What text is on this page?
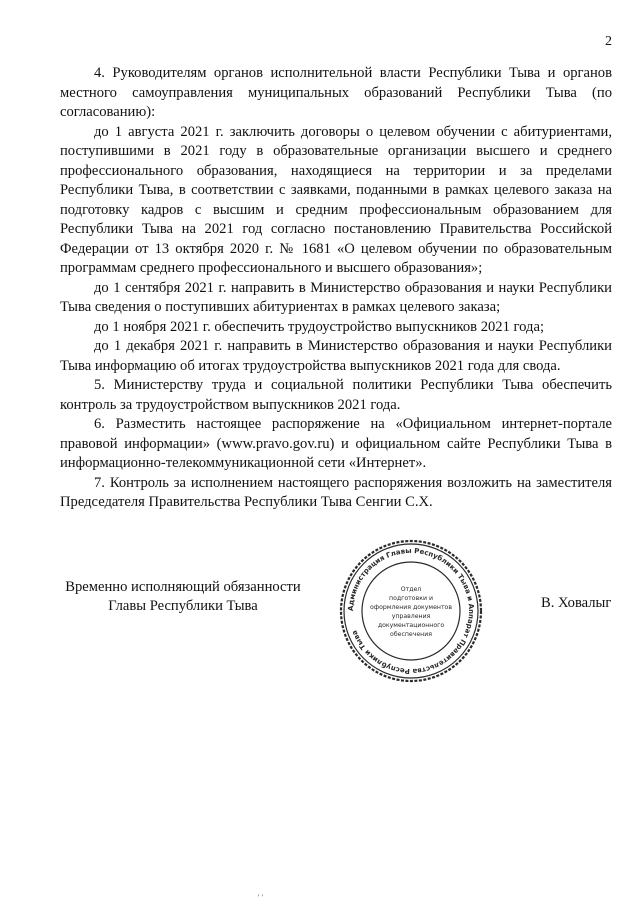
2

4. Руководителям органов исполнительной власти Республики Тыва и органов местного самоуправления муниципальных образований Республики Тыва (по согласованию):

до 1 августа 2021 г. заключить договоры о целевом обучении с абитуриентами, поступившими в 2021 году в образовательные организации высшего и среднего профессионального образования, находящиеся на территории и за пределами Республики Тыва, в соответствии с заявками, поданными в рамках целевого заказа на подготовку кадров с высшим и средним профессиональным образованием для Республики Тыва на 2021 год согласно постановлению Правительства Российской Федерации от 13 октября 2020 г. № 1681 «О целевом обучении по образовательным программам среднего профессионального и высшего образования»;

до 1 сентября 2021 г. направить в Министерство образования и науки Республики Тыва сведения о поступивших абитуриентах в рамках целевого заказа;

до 1 ноября 2021 г. обеспечить трудоустройство выпускников 2021 года;

до 1 декабря 2021 г. направить в Министерство образования и науки Республики Тыва информацию об итогах трудоустройства выпускников 2021 года для свода.

5. Министерству труда и социальной политики Республики Тыва обеспечить контроль за трудоустройством выпускников 2021 года.

6. Разместить настоящее распоряжение на «Официальном интернет-портале правовой информации» (www.pravo.gov.ru) и официальном сайте Республики Тыва в информационно-телекоммуникационной сети «Интернет».

7. Контроль за исполнением настоящего распоряжения возложить на заместителя Председателя Правительства Республики Тыва Сенгии С.Х.

Временно исполняющий обязанности
Главы Республики Тыва	Администрация Главы Республики Тыва и Аппарат Правительства Республики Тыва
Отдел
подготовки и
оформления документов
управления
документационного
обеспечения
В. Ховалыг
' '
